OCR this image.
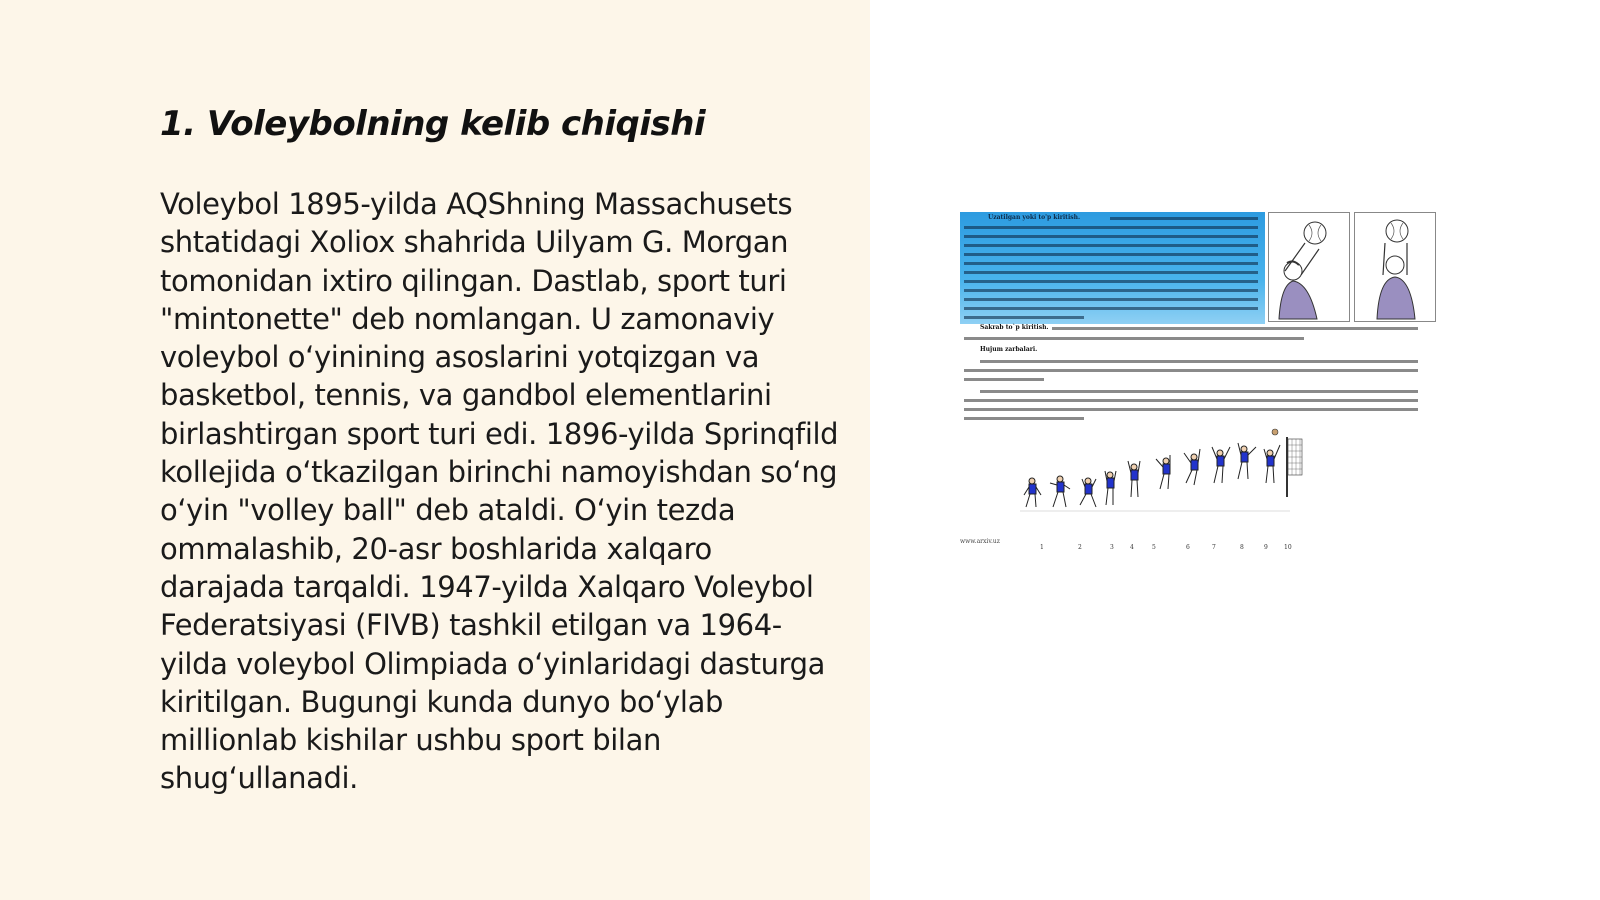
1. Voleybolning kelib chiqishi

Voleybol 1895-yilda AQShning Massachusets shtatidagi Xoliox shahrida Uilyam G. Morgan tomonidan ixtiro qilingan. Dastlab, sport turi "mintonette" deb nomlangan. U zamonaviy voleybol oʻyinining asoslarini yotqizgan va basketbol, tennis, va gandbol elementlarini birlashtirgan sport turi edi. 1896-yilda Sprinqfild kollejida oʻtkazilgan birinchi namoyishdan soʻng oʻyin "volley ball" deb ataldi. Oʻyin tezda ommalashib, 20-asr boshlarida xalqaro darajada tarqaldi. 1947-yilda Xalqaro Voleybol Federatsiyasi (FIVB) tashkil etilgan va 1964-yilda voleybol Olimpiada oʻyinlaridagi dasturga kiritilgan. Bugungi kunda dunyo boʻylab millionlab kishilar ushbu sport bilan shugʻullanadi.

Uzatilgan yoki to'p kiritish.
Sakrab to`p kiritish.
Hujum zarbalari.
www.arxiv.uz
1	2	3	4	5	6	7	8	9	10
